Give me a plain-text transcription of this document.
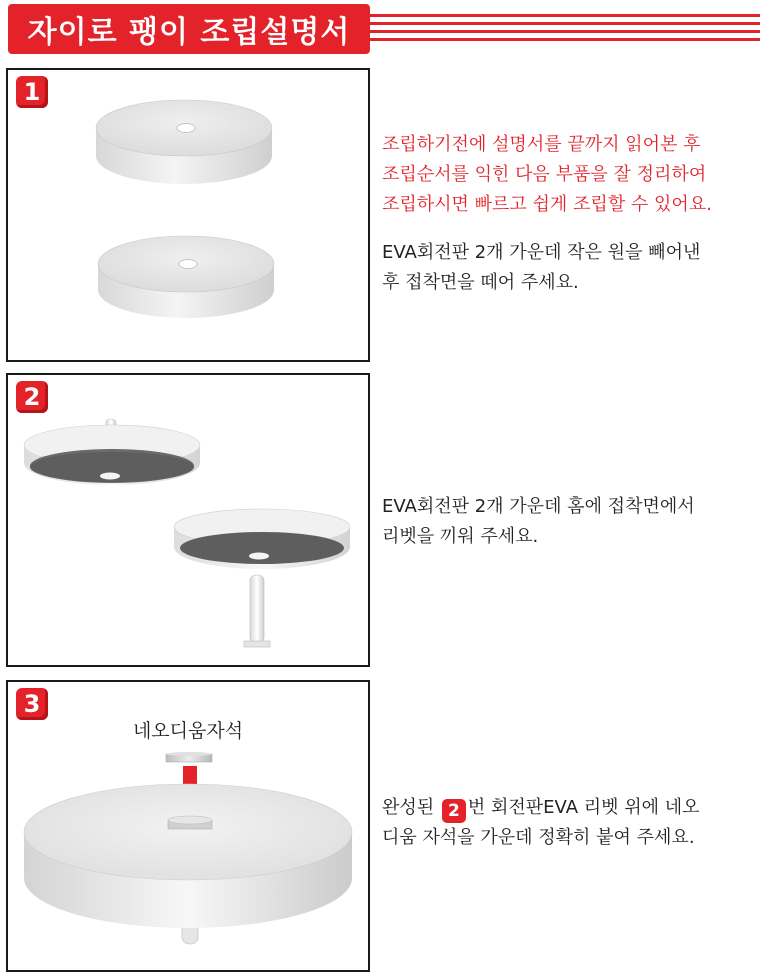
자이로 팽이 조립설명서
1

조립하기전에 설명서를 끝까지 읽어본 후

조립순서를 익힌 다음 부품을 잘 정리하여

조립하시면 빠르고 쉽게 조립할 수 있어요.

EVA회전판 2개 가운데 작은 원을 빼어낸

후 접착면을 떼어 주세요.

2

EVA회전판 2개 가운데 홈에 접착면에서

리벳을 끼워 주세요.

네오디움자석
3

완성된 2 번 회전판EVA 리벳 위에 네오

디움 자석을 가운데 정확히 붙여 주세요.
